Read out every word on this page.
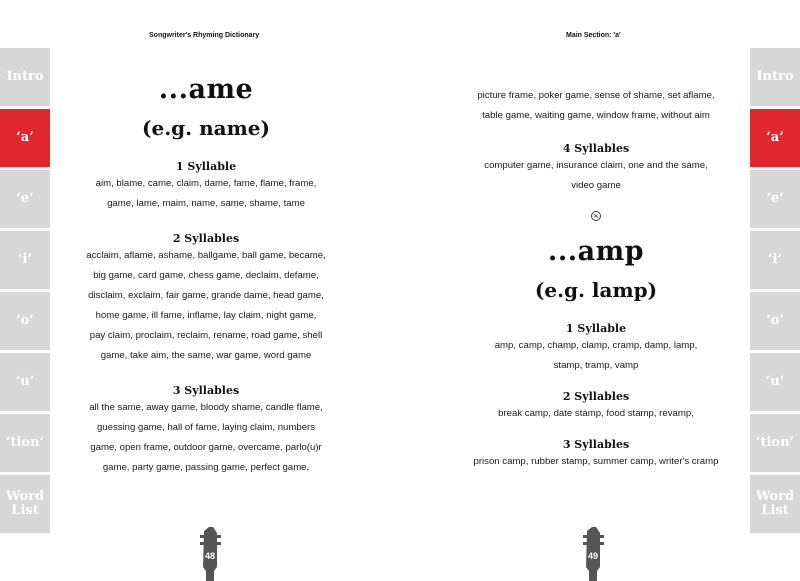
Songwriter's Rhyming Dictionary
...ame
(e.g. name)
1 Syllable
aim, blame, came, claim, dame, fame, flame, frame,
game, lame, maim, name, same, shame, tame
2 Syllables
acclaim, aflame, ashame, ballgame, ball game, became,
big game, card game, chess game, declaim, defame,
disclaim, exclaim, fair game, grande dame, head game,
home game, ill fame, inflame, lay claim, night game,
pay claim, proclaim, reclaim, rename, road game, shell
game, take aim, the same, war game, word game
3 Syllables
all the same, away game, bloody shame, candle flame,
guessing game, hall of fame, laying claim, numbers
game, open frame, outdoor game, overcame, parlo(u)r
game, party game, passing game, perfect game,
48
Main Section: 'a'
picture frame, poker game, sense of shame, set aflame,
table game, waiting game, window frame, without aim
4 Syllables
computer game, insurance claim, one and the same,
video game
...amp
(e.g. lamp)
1 Syllable
amp, camp, champ, clamp, cramp, damp, lamp,
stamp, tramp, vamp
2 Syllables
break camp, date stamp, food stamp, revamp,
3 Syllables
prison camp, rubber stamp, summer camp, writer's cramp
49
Intro
‘a’
‘e’
‘i’
‘o’
‘u’
‘tion’
Word
List
Intro
‘a’
‘e’
‘i’
‘o’
‘u’
‘tion’
Word
List
